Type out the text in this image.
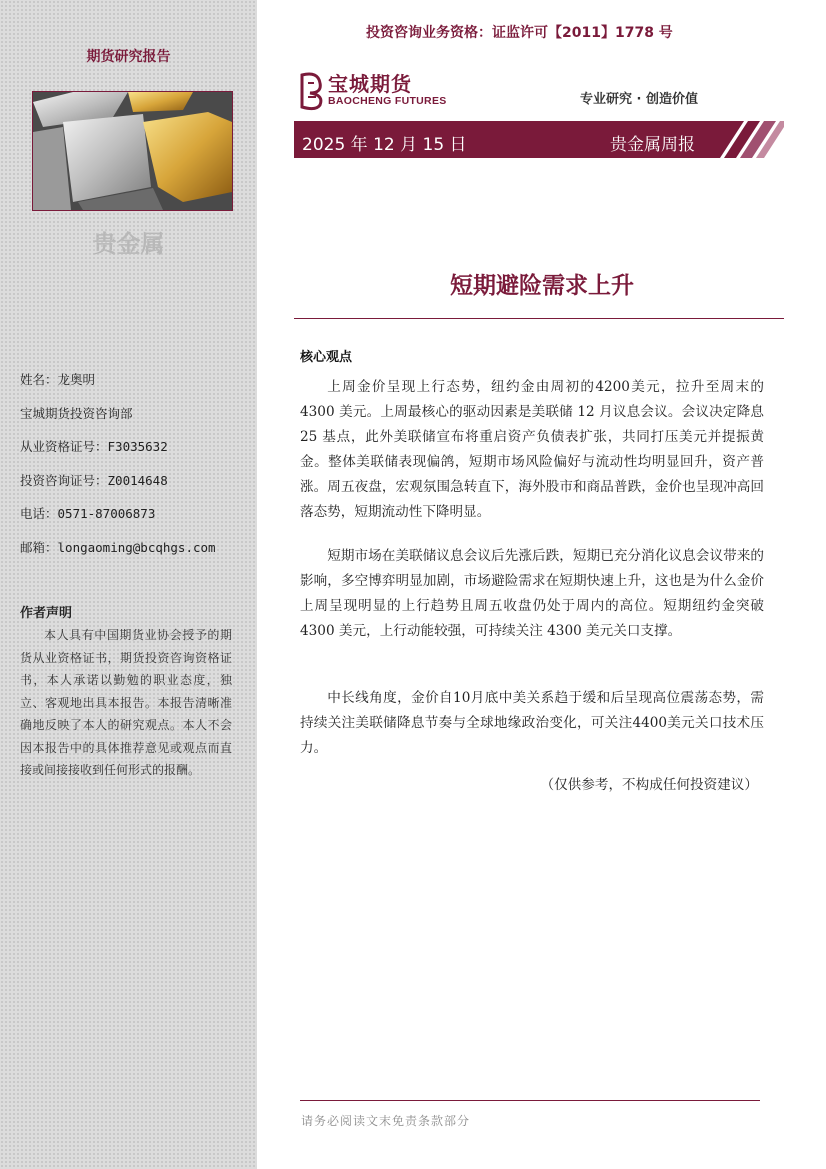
期货研究报告
贵金属
姓名：龙奥明
宝城期货投资咨询部
从业资格证号：F3035632
投资咨询证号：Z0014648
电话：0571-87006873
邮箱：longaoming@bcqhgs.com
作者声明
本人具有中国期货业协会授予的期货从业资格证书，期货投资咨询资格证书，本人承诺以勤勉的职业态度，独立、客观地出具本报告。本报告清晰准确地反映了本人的研究观点。本人不会因本报告中的具体推荐意见或观点而直接或间接接收到任何形式的报酬。
投资咨询业务资格：证监许可【2011】1778 号
宝城期货
BAOCHENG FUTURES	专业研究 · 创造价值
2025 年 12 月 15 日	贵金属周报
短期避险需求上升
核心观点
上周金价呈现上行态势，纽约金由周初的4200美元，拉升至周末的 4300 美元。上周最核心的驱动因素是美联储 12 月议息会议。会议决定降息 25 基点，此外美联储宣布将重启资产负债表扩张，共同打压美元并提振黄金。整体美联储表现偏鸽，短期市场风险偏好与流动性均明显回升，资产普涨。周五夜盘，宏观氛围急转直下，海外股市和商品普跌，金价也呈现冲高回落态势，短期流动性下降明显。
短期市场在美联储议息会议后先涨后跌，短期已充分消化议息会议带来的影响，多空博弈明显加剧，市场避险需求在短期快速上升，这也是为什么金价上周呈现明显的上行趋势且周五收盘仍处于周内的高位。短期纽约金突破 4300 美元，上行动能较强，可持续关注 4300 美元关口支撑。
中长线角度，金价自10月底中美关系趋于缓和后呈现高位震荡态势，需持续关注美联储降息节奏与全球地缘政治变化，可关注4400美元关口技术压力。
（仅供参考，不构成任何投资建议）
请务必阅读文末免责条款部分
